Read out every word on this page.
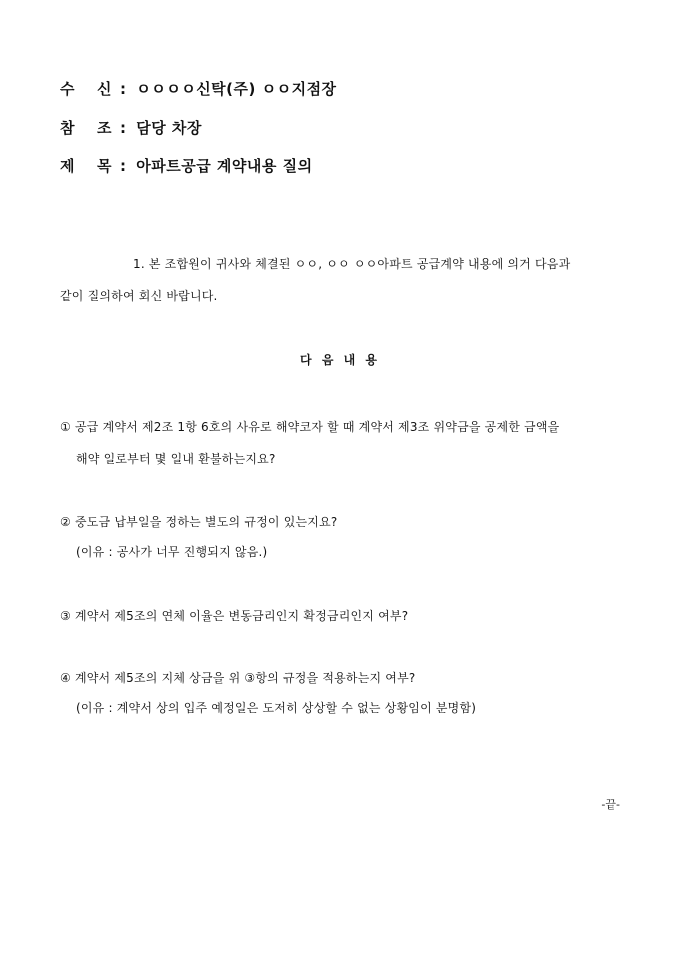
수 신 : ㅇㅇㅇㅇ신탁(주) ㅇㅇ지점장
참 조 : 담당 차장
제 목 : 아파트공급 계약내용 질의
1. 본 조합원이 귀사와 체결된 ㅇㅇ, ㅇㅇ ㅇㅇ아파트 공급계약 내용에 의거 다음과
같이 질의하여 회신 바랍니다.
다 음 내 용
① 공급 계약서 제2조 1항 6호의 사유로 해약코자 할 때 계약서 제3조 위약금을 공제한 금액을
해약 일로부터 몇 일내 환불하는지요?
② 중도금 납부일을 정하는 별도의 규정이 있는지요?
(이유 : 공사가 너무 진행되지 않음.)
③ 계약서 제5조의 연체 이율은 변동금리인지 확정금리인지 여부?
④ 계약서 제5조의 지체 상금을 위 ③항의 규정을 적용하는지 여부?
(이유 : 계약서 상의 입주 예정일은 도저히 상상할 수 없는 상황임이 분명함)
-끝-
